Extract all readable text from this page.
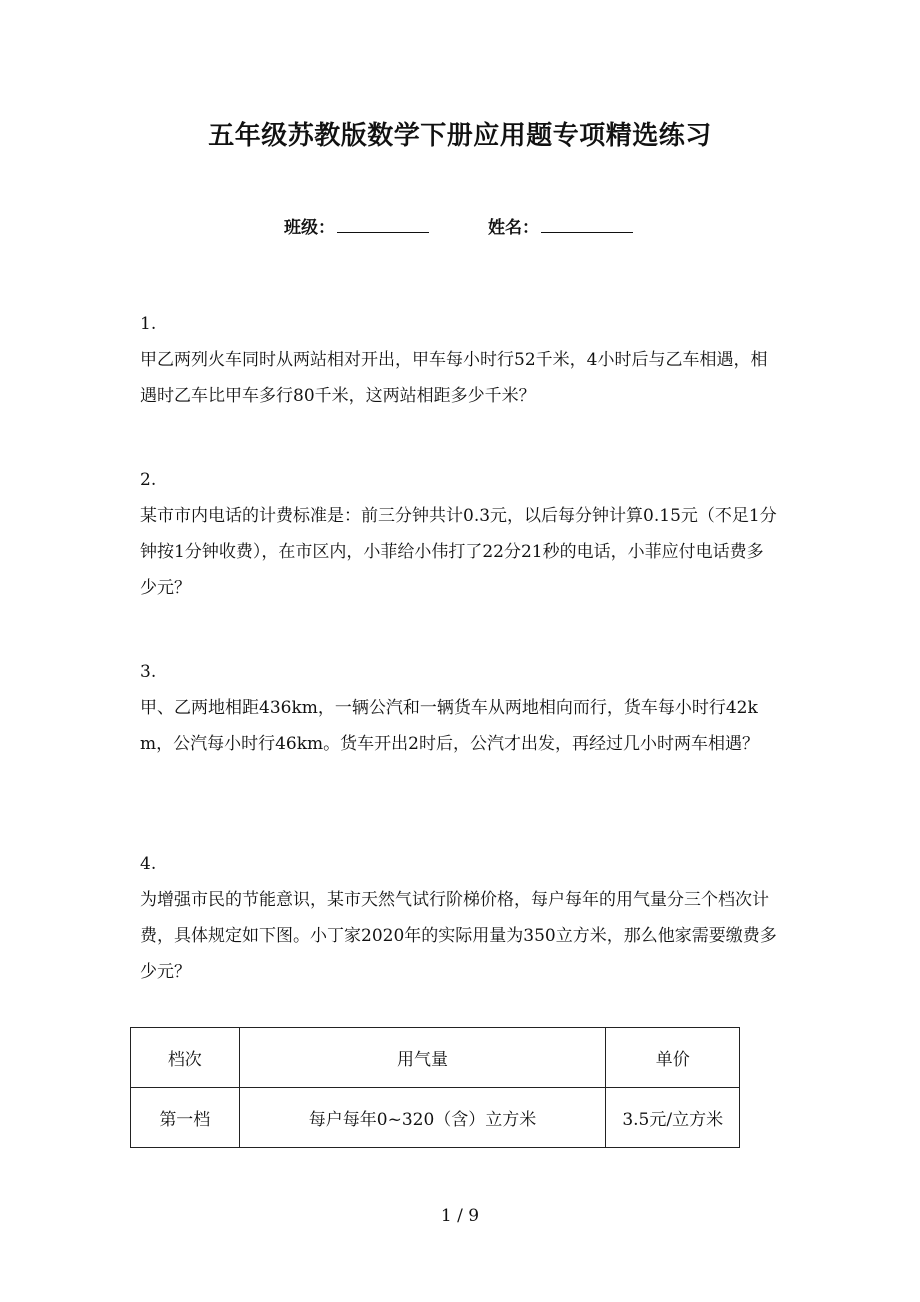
五年级苏教版数学下册应用题专项精选练习
班级：	姓名：
1.
甲乙两列火车同时从两站相对开出，甲车每小时行52千米，4小时后与乙车相遇，相遇时乙车比甲车多行80千米，这两站相距多少千米？
2.
某市市内电话的计费标准是：前三分钟共计0.3元，以后每分钟计算0.15元（不足1分钟按1分钟收费），在市区内，小菲给小伟打了22分21秒的电话，小菲应付电话费多少元？
3.
甲、乙两地相距436km，一辆公汽和一辆货车从两地相向而行，货车每小时行42km，公汽每小时行46km。货车开出2时后，公汽才出发，再经过几小时两车相遇？
4.
为增强市民的节能意识，某市天然气试行阶梯价格，每户每年的用气量分三个档次计费，具体规定如下图。小丁家2020年的实际用量为350立方米，那么他家需要缴费多少元？
档次	用气量	单价
第一档	每户每年0~320（含）立方米	3.5元/立方米
1 / 9
